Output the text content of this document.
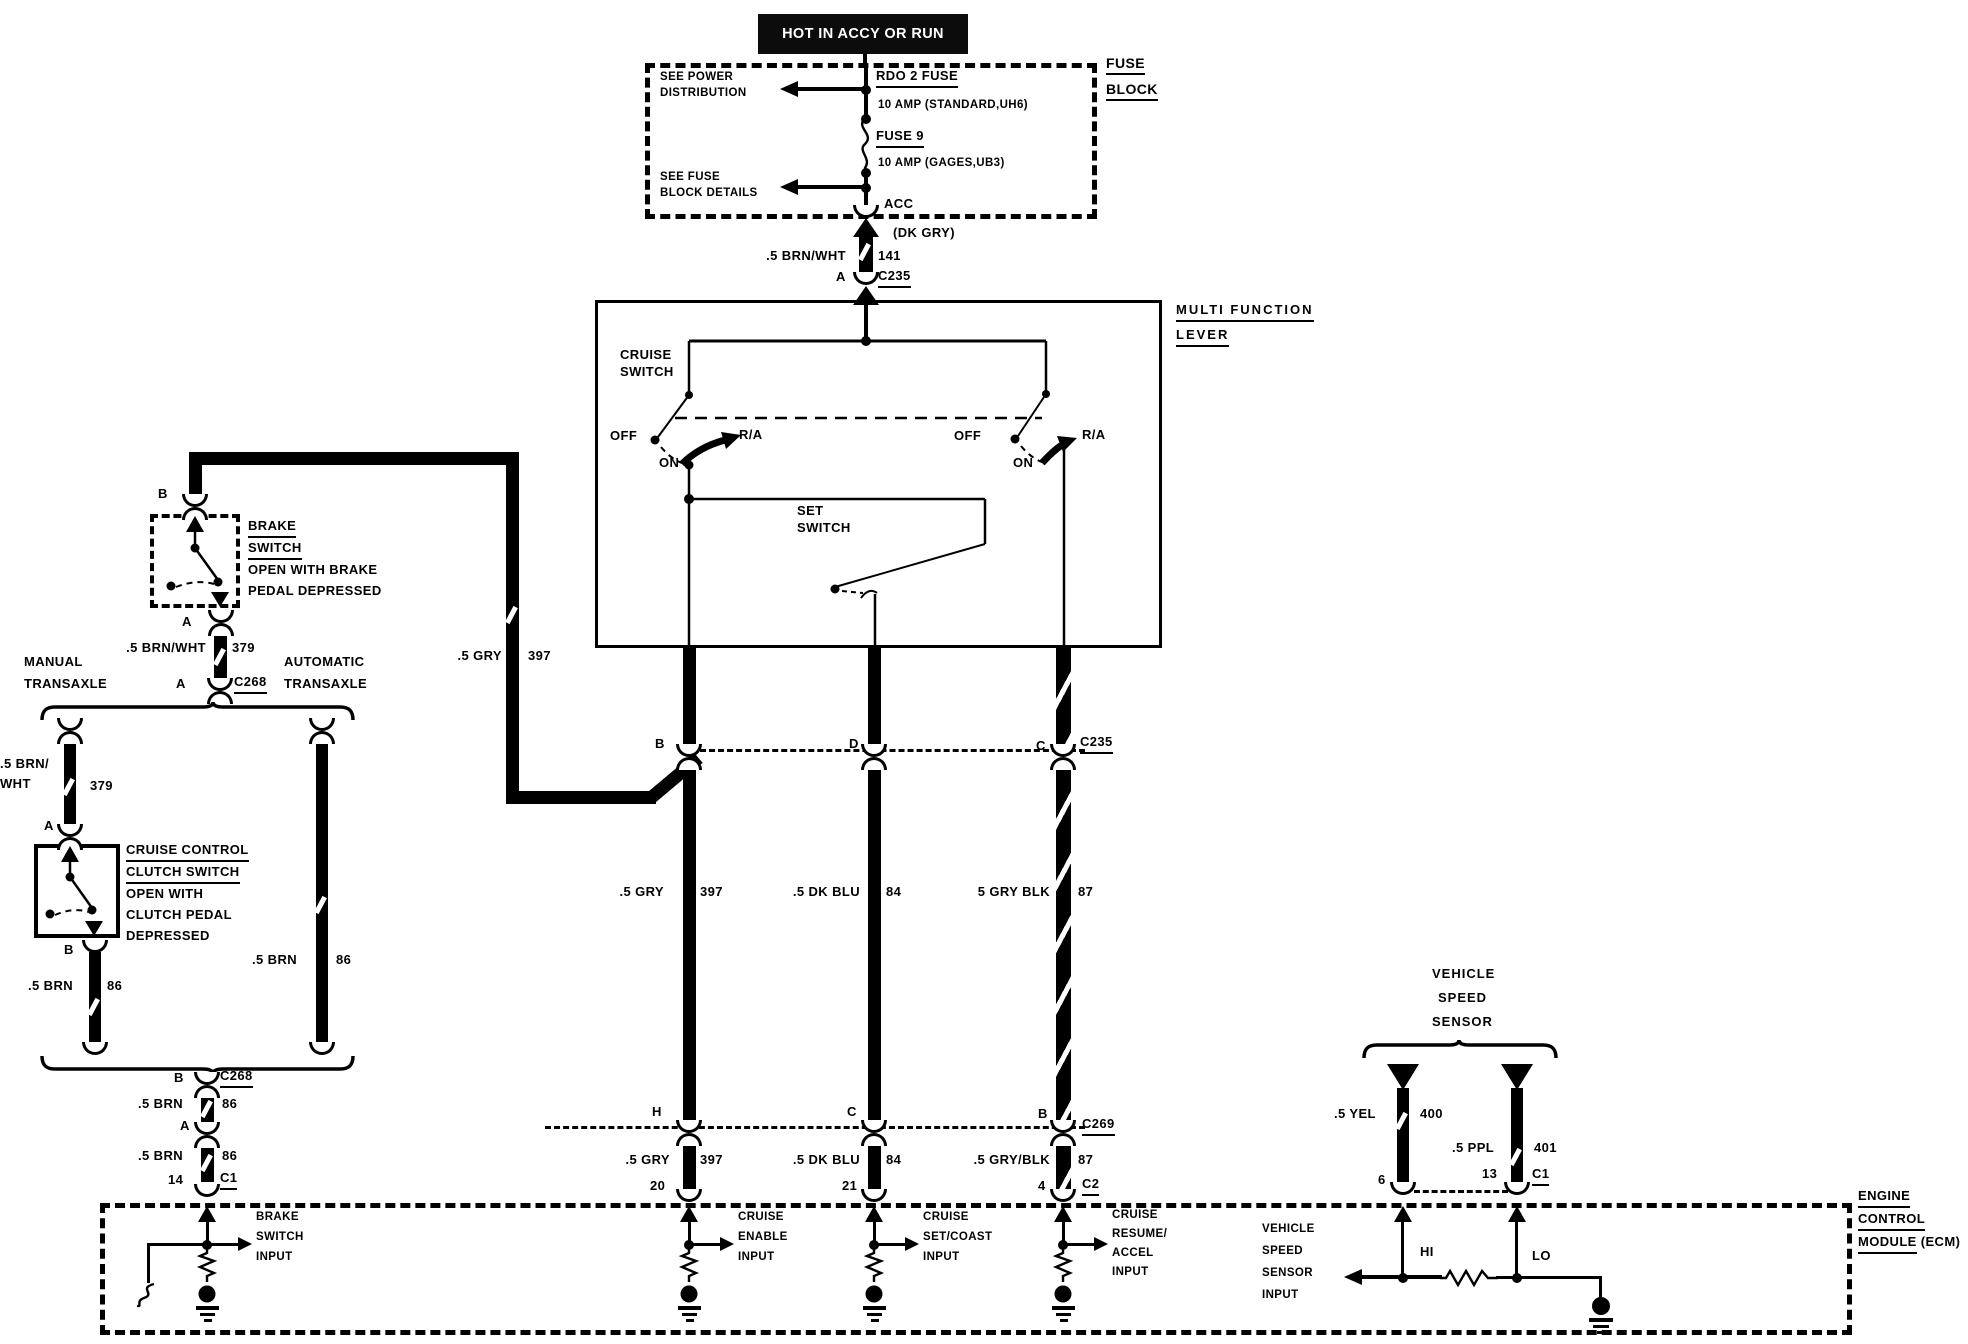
HOT IN ACCY OR RUN
FUSE
BLOCK
SEE POWER
DISTRIBUTION
SEE FUSE
BLOCK DETAILS
RDO 2 FUSE
10 AMP (STANDARD,UH6)
FUSE 9
10 AMP (GAGES,UB3)
ACC
(DK GRY)
.5 BRN/WHT 141
A C235
MULTI FUNCTION
LEVER
CRUISE
SWITCH
OFF
ON
R/A	OFF
ON
R/A
SET
SWITCH
B	D	C	C235
.5 GRY	397	.5 DK BLU 84	5 GRY BLK 87
H	C	B
C269
.5 GRY 397	.5 DK BLU 84	.5 GRY/BLK 87
20	21	4	C2
.5 GRY 397
B
BRAKE
SWITCH
OPEN WITH BRAKE
PEDAL DEPRESSED
A
.5 BRN/WHT 379
A	C268
MANUAL
TRANSAXLE
AUTOMATIC
TRANSAXLE
.5 BRN/
WHT	379
A
CRUISE CONTROL
CLUTCH SWITCH
OPEN WITH
CLUTCH PEDAL
DEPRESSED
B
.5 BRN	86
.5 BRN	86
B	C268
.5 BRN	86
A
.5 BRN	86
14	C1
VEHICLE
SPEED
SENSOR
.5 YEL	400
.5 PPL	401
6	13	C1
ENGINE
CONTROL
MODULE (ECM)
BRAKE
SWITCH
INPUT
CRUISE
ENABLE
INPUT
CRUISE
SET/COAST
INPUT
CRUISE
RESUME/
ACCEL
INPUT
VEHICLE
SPEED
SENSOR
INPUT
HI	LO
